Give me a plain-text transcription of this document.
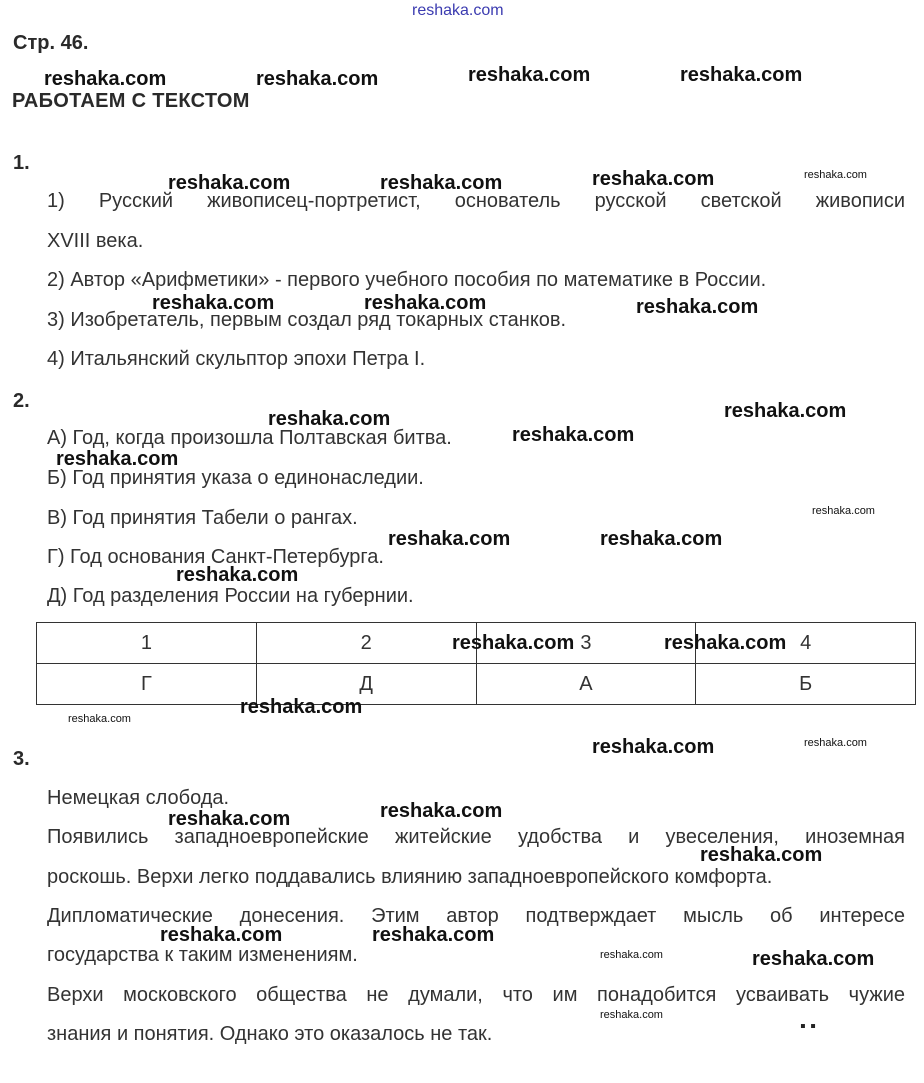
reshaka.com
Стр. 46.
РАБОТАЕМ С ТЕКСТОМ
1.
1) Русский живописец-портретист, основатель русской светской живописи
XVIII века.
2) Автор «Арифметики» - первого учебного пособия по математике в России.
3) Изобретатель, первым создал ряд токарных станков.
4) Итальянский скульптор эпохи Петра I.
2.
А) Год, когда произошла Полтавская битва.
Б) Год принятия указа о единонаследии.
В) Год принятия Табели о рангах.
Г) Год основания Санкт-Петербурга.
Д) Год разделения России на губернии.
1	2	3	4
Г	Д	А	Б
3.
Немецкая слобода.
Появились западноевропейские житейские удобства и увеселения, иноземная
роскошь. Верхи легко поддавались влиянию западноевропейского комфорта.
Дипломатические донесения. Этим автор подтверждает мысль об интересе
государства к таким изменениям.
Верхи московского общества не думали, что им понадобится усваивать чужие
знания и понятия. Однако это оказалось не так.
reshaka.com	reshaka.com	reshaka.com	reshaka.com
reshaka.com	reshaka.com	reshaka.com
reshaka.com	reshaka.com	reshaka.com
reshaka.com	reshaka.com
reshaka.com
reshaka.com
reshaka.com	reshaka.com
reshaka.com
reshaka.com	reshaka.com
reshaka.com
reshaka.com
reshaka.com
reshaka.com
reshaka.com
reshaka.com	reshaka.com
reshaka.com
reshaka.com
reshaka.com
reshaka.com
reshaka.com
reshaka.com
reshaka.com
▪ ▪
